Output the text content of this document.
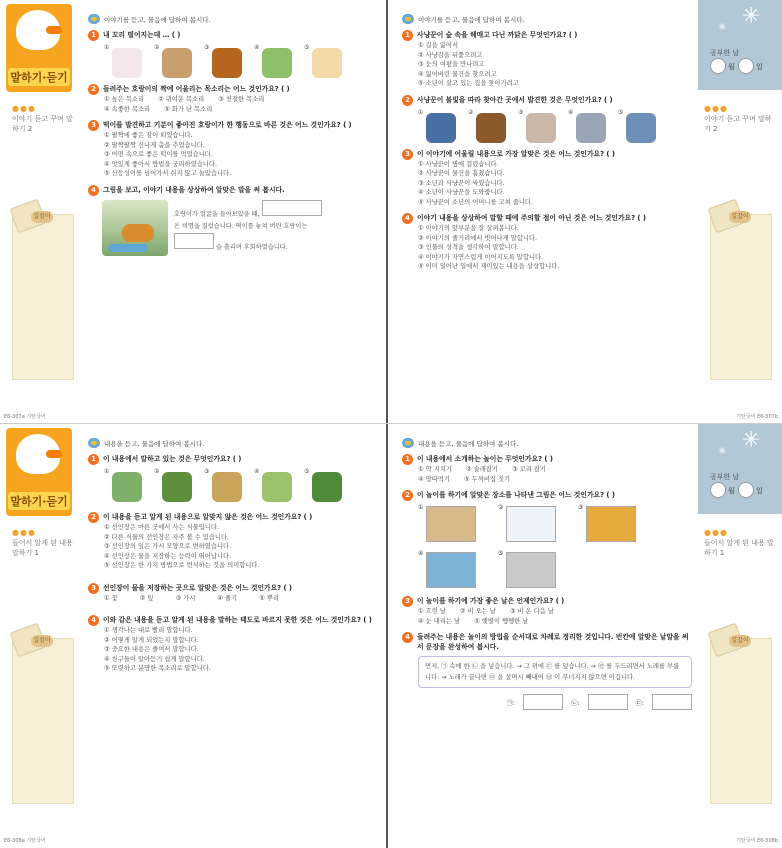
말하기·듣기
●●●
이야기 듣고 꾸며 말하기 2
길잡이
E6-307a 기탄국어
이야기를 듣고, 물음에 답하여 봅시다.
1	내 꼬리 떨어지는데 … ( )
①	②	③	④	⑤
2	들려주는 호랑이의 짝에 어울리는 목소리는 어느 것인가요? ( )
① 높은 목소리 ② 귀여운 목소리 ③ 친절한 목소리
④ 속좋한 목소리 ⑤ 화가 난 목소리
3	떡이를 발견하고 기분이 좋아진 호랑이가 한 행동으로 바른 것은 어느 것인가요? ( )
① 팔짝에 좋은 잠이 떠었습니다.
② 팔짝팔짝 신나게 춤을 추었습니다.
③ 어떤 속으로 좋은 떡이를 먹었습니다.
④ 맛있게 좋아서 방법을 궁리하였습니다.
⑤ 산등성이를 넘어가서 쉬지 않고 놀았습니다.
4	그림을 보고, 이야기 내용을 상상하여 알맞은 말을 써 봅시다.
호랑이가 얼굴을 들어보았을 때,
은 비명을 질렀습니다. 떡이를 놓쳐 버린 호랑이는
슬 흘리며 후회하였습니다.
이야기를 듣고, 물음에 답하여 봅시다.
1	사냥꾼이 숲 속을 헤매고 다닌 까닭은 무엇인가요? ( )
① 길을 잃어서
② 사냥감을 뒤쫓으려고
③ 눈의 여왕을 만나려고
④ 잃어버린 물건을 찾으려고
⑤ 소년이 살고 있는 집을 찾아가려고
2	사냥꾼이 불빛을 따라 찾아간 곳에서 발견한 것은 무엇인가요? ( )
①	②	③	④	⑤
3	이 이야기에 어울릴 내용으로 가장 알맞은 것은 어느 것인가요? ( )
① 사냥꾼이 병에 걸렸습니다.
② 사냥꾼이 물건을 훔쳤습니다.
③ 소년과 사냥꾼이 싸웠습니다.
④ 소년이 사냥꾼을 도와줍니다.
⑤ 사냥꾼이 소년의 어머니를 고쳐 줍니다.
4	이야기 내용을 상상하여 말할 때에 주의할 점이 아닌 것은 어느 것인가요? ( )
① 이야기의 앞부분을 잘 살펴봅니다.
② 이야기의 줄거리에서 벗어나게 말합니다.
③ 인물의 성격을 생각하여 말합니다.
④ 이야기가 자연스럽게 이어지도록 말합니다.
⑤ 이미 일어난 일에서 재미있는 내용을 상상합니다.
✳
✳
공부한 날
월	일
●●●
이야기 듣고 꾸며 말하기 2
길잡이
기탄국어 E6-307b
말하기·듣기
●●●
들어서 알게 된 내용 말하기 1
길잡이
E6-308a 기탄국어
내용을 듣고, 물음에 답하여 봅시다.
1	이 내용에서 말하고 있는 것은 무엇인가요? ( )
①	②	③	④	⑤
2	이 내용을 듣고 알게 된 내용으로 알맞지 않은 것은 어느 것인가요? ( )
① 선인장은 마른 곳에서 사는 식물입니다.
② 다른 식물의 선인장은 자주 볼 수 있습니다.
③ 선인장의 잎은 가시 모양으로 변하였습니다.
④ 선인장은 물을 저장하는 능력이 뛰어납니다.
⑤ 선인장은 한 가지 방법으로 번식하는 것을 의미합니다.
3	선인장이 물을 저장하는 곳으로 알맞은 것은 어느 것인가요? ( )
① 꽃	② 잎	③ 가시	④ 줄기	⑤ 뿌리
4	이와 같은 내용을 듣고 알게 된 내용을 말하는 태도로 바르지 못한 것은 어느 것인가요? ( )
① 생각나는 대로 빨리 말합니다.
② 어떻게 알게 되었는지 말합니다.
③ 중요한 내용은 줄여서 말합니다.
④ 친구들이 알아듣기 쉽게 말합니다.
⑤ 또렷하고 분명한 목소리로 말합니다.
내용을 듣고, 물음에 답하여 봅시다.
1	이 내용에서 소개하는 놀이는 무엇인가요? ( )
① 딱 지치기 ② 술래잡기 ③ 꼬리 잡기
④ 땅따먹기 ⑤ 두꺼비집 짓기
2	이 놀이를 하기에 알맞은 장소를 나타낸 그림은 어느 것인가요? ( )
①	②	③
④	⑤
3	이 놀이를 하기에 가장 좋은 날은 언제인가요? ( )
① 흐린 날 ② 비 오는 날 ③ 비 온 다음 날
④ 눈 내리는 날 ⑤ 햇볕이 쨍쨍한 날
4	들려주는 내용은 놀이의 방법을 순서대로 차례로 정리한 것입니다. 빈칸에 알맞은 낱말을 써서 문장을 완성하여 봅시다.
먼저, ㉠ 속에 한 ㉡ 을 넣습니다. → 그 위에 ㉢ 를 덮습니다. → ㉣ 를 두드리면서 노래를 부릅니다. → 노래가 끝나면 ㉤ 을 살며시 빼내어 ㉥ 이 무너지지 않으면 이깁니다.
㉠:	㉡:	㉢:
✳
✳
공부한 날
월	일
●●●
들어서 알게 된 내용 말하기 1
길잡이
기탄국어 E6-308b
